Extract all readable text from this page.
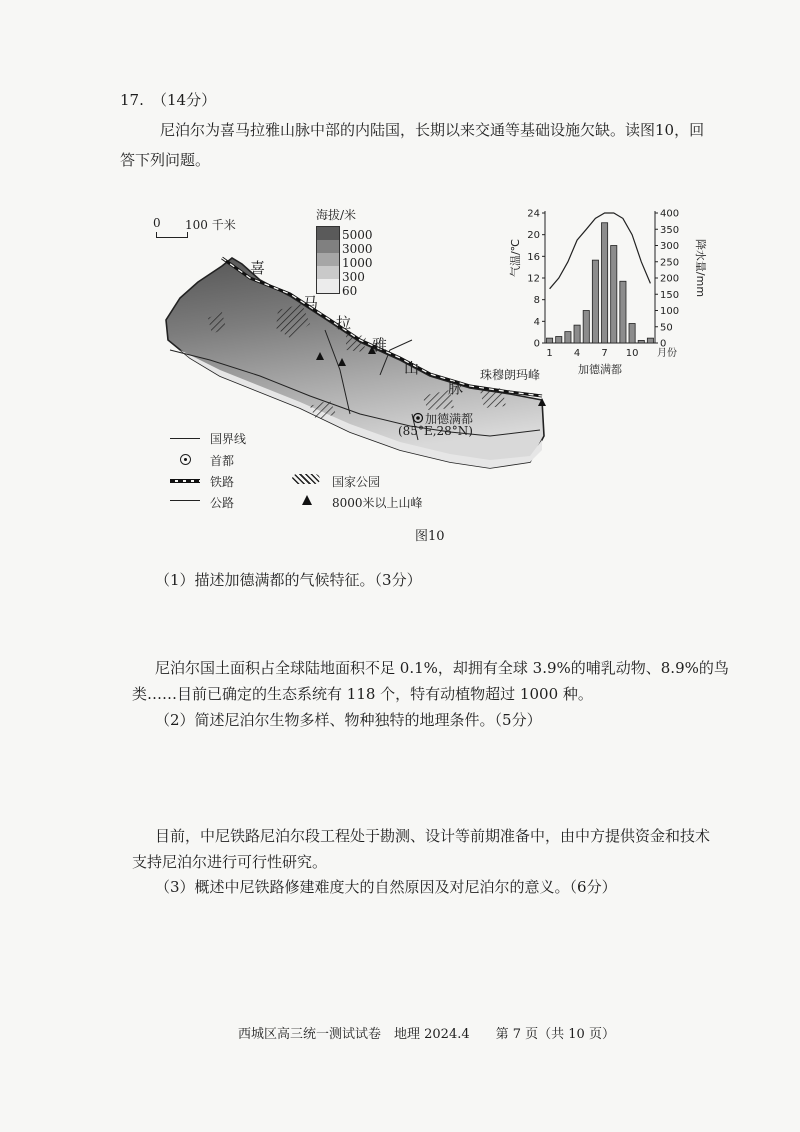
17. （14分）
尼泊尔为喜马拉雅山脉中部的内陆国，长期以来交通等基础设施欠缺。读图10，回
答下列问题。
0 100 千米
海拔/米
5000
3000
1000
300
60
喜
马
拉
雅
山
脉
珠穆朗玛峰
加德满都
(85°E,28°N)
国界线
首都
铁路
公路
国家公园
8000米以上山峰
24
20
16
12
8
4
0
400
350
300
250
200
150
100
50
0
1 4 7 10 月份
加德满都
气温/℃	降水量/mm
图10
（1）描述加德满都的气候特征。（3分）
尼泊尔国土面积占全球陆地面积不足 0.1%，却拥有全球 3.9%的哺乳动物、8.9%的鸟
类……目前已确定的生态系统有 118 个，特有动植物超过 1000 种。
（2）简述尼泊尔生物多样、物种独特的地理条件。（5分）
目前，中尼铁路尼泊尔段工程处于勘测、设计等前期准备中，由中方提供资金和技术
支持尼泊尔进行可行性研究。
（3）概述中尼铁路修建难度大的自然原因及对尼泊尔的意义。（6分）
西城区高三统一测试试卷　地理 2024.4　　第 7 页（共 10 页）
